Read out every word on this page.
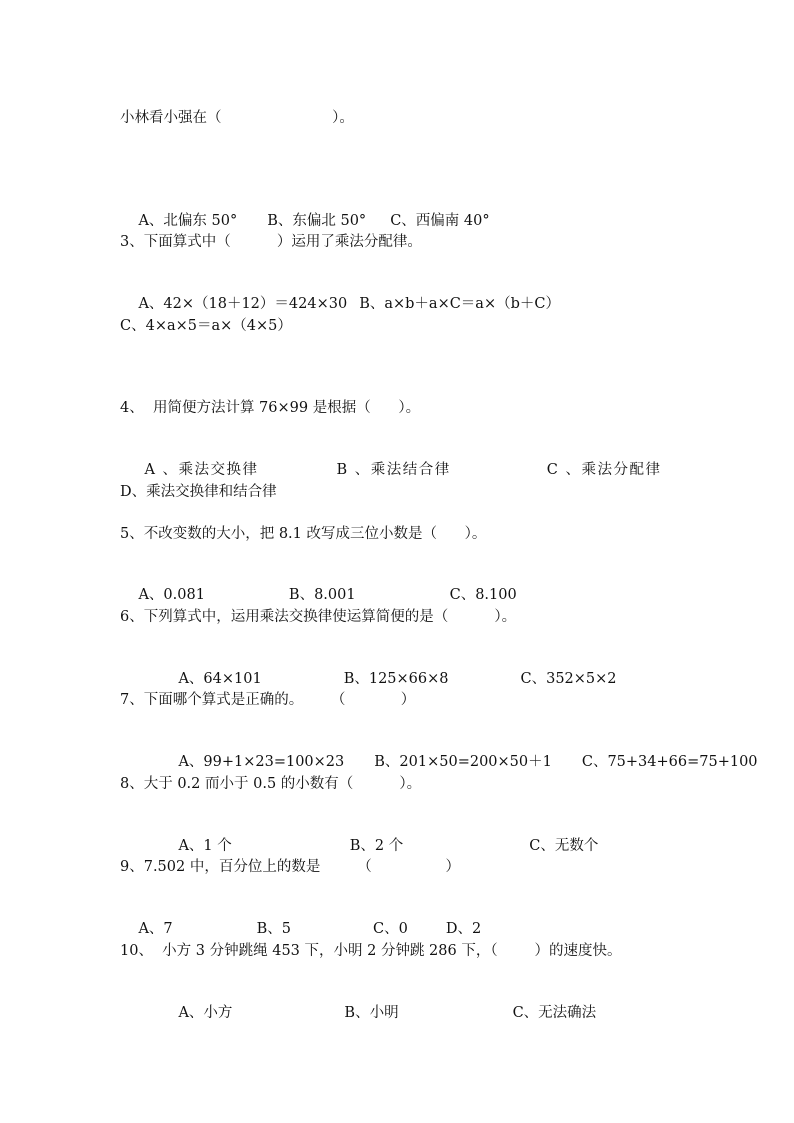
小林看小强在（                        ）。

A、北偏东 50° B、东偏北 50° C、西偏南 40°

3、下面算式中（          ）运用了乘法分配律。

A、42×（18＋12）＝424×30 B、a×b＋a×C＝a×（b＋C）

C、4×a×5＝a×（4×5）
4、  用简便方法计算 76×99 是根据（      ）。

A 、乘法交换律	B 、乘法结合律	C 、乘法分配律

D、乘法交换律和结合律
5、不改变数的大小，把 8.1 改写成三位小数是（      ）。

A、0.081	B、8.001	C、8.100

6、下列算式中，运用乘法交换律使运算简便的是（          ）。

A、64×101	B、125×66×8	C、352×5×2

7、下面哪个算式是正确的。      （            ）

A、99+1×23=100×23 B、201×50=200×50＋1 C、75+34+66=75+100

8、大于 0.2 而小于 0.5 的小数有（          ）。

A、1 个	B、2 个	C、无数个

9、7.502 中，百分位上的数是        （                ）

A、7	B、5	C、0	D、2

10、  小方 3 分钟跳绳 453 下，小明 2 分钟跳 286 下，（        ）的速度快。

A、小方	B、小明	C、无法确法
